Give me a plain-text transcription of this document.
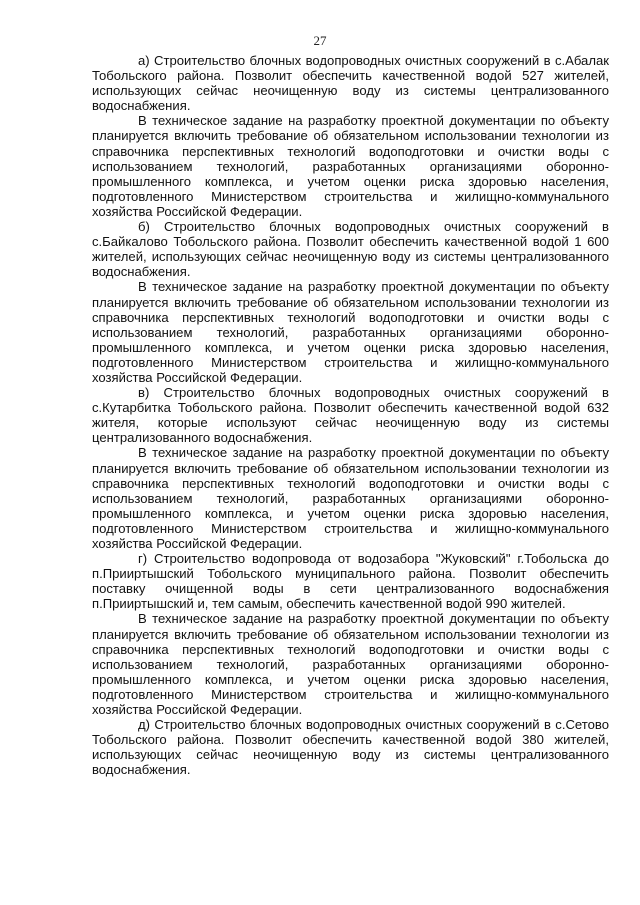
27

а) Строительство блочных водопроводных очистных сооружений в с.Абалак Тобольского района. Позволит обеспечить качественной водой 527 жителей, использующих сейчас неочищенную воду из системы централизованного водоснабжения.

В техническое задание на разработку проектной документации по объекту планируется включить требование об обязательном использовании технологии из справочника перспективных технологий водоподготовки и очистки воды с использованием технологий, разработанных организациями оборонно-промышленного комплекса, и учетом оценки риска здоровью населения, подготовленного Министерством строительства и жилищно-коммунального хозяйства Российской Федерации.

б) Строительство блочных водопроводных очистных сооружений в с.Байкалово Тобольского района. Позволит обеспечить качественной водой 1 600 жителей, использующих сейчас неочищенную воду из системы централизованного водоснабжения.

В техническое задание на разработку проектной документации по объекту планируется включить требование об обязательном использовании технологии из справочника перспективных технологий водоподготовки и очистки воды с использованием технологий, разработанных организациями оборонно-промышленного комплекса, и учетом оценки риска здоровью населения, подготовленного Министерством строительства и жилищно-коммунального хозяйства Российской Федерации.

в) Строительство блочных водопроводных очистных сооружений в с.Кутарбитка Тобольского района. Позволит обеспечить качественной водой 632 жителя, которые используют сейчас неочищенную воду из системы централизованного водоснабжения.

В техническое задание на разработку проектной документации по объекту планируется включить требование об обязательном использовании технологии из справочника перспективных технологий водоподготовки и очистки воды с использованием технологий, разработанных организациями оборонно-промышленного комплекса, и учетом оценки риска здоровью населения, подготовленного Министерством строительства и жилищно-коммунального хозяйства Российской Федерации.

г) Строительство водопровода от водозабора "Жуковский" г.Тобольска до п.Прииртышский Тобольского муниципального района. Позволит обеспечить поставку очищенной воды в сети централизованного водоснабжения п.Прииртышский и, тем самым, обеспечить качественной водой 990 жителей.

В техническое задание на разработку проектной документации по объекту планируется включить требование об обязательном использовании технологии из справочника перспективных технологий водоподготовки и очистки воды с использованием технологий, разработанных организациями оборонно-промышленного комплекса, и учетом оценки риска здоровью населения, подготовленного Министерством строительства и жилищно-коммунального хозяйства Российской Федерации.

д) Строительство блочных водопроводных очистных сооружений в с.Сетово Тобольского района. Позволит обеспечить качественной водой 380 жителей, использующих сейчас неочищенную воду из системы централизованного водоснабжения.
